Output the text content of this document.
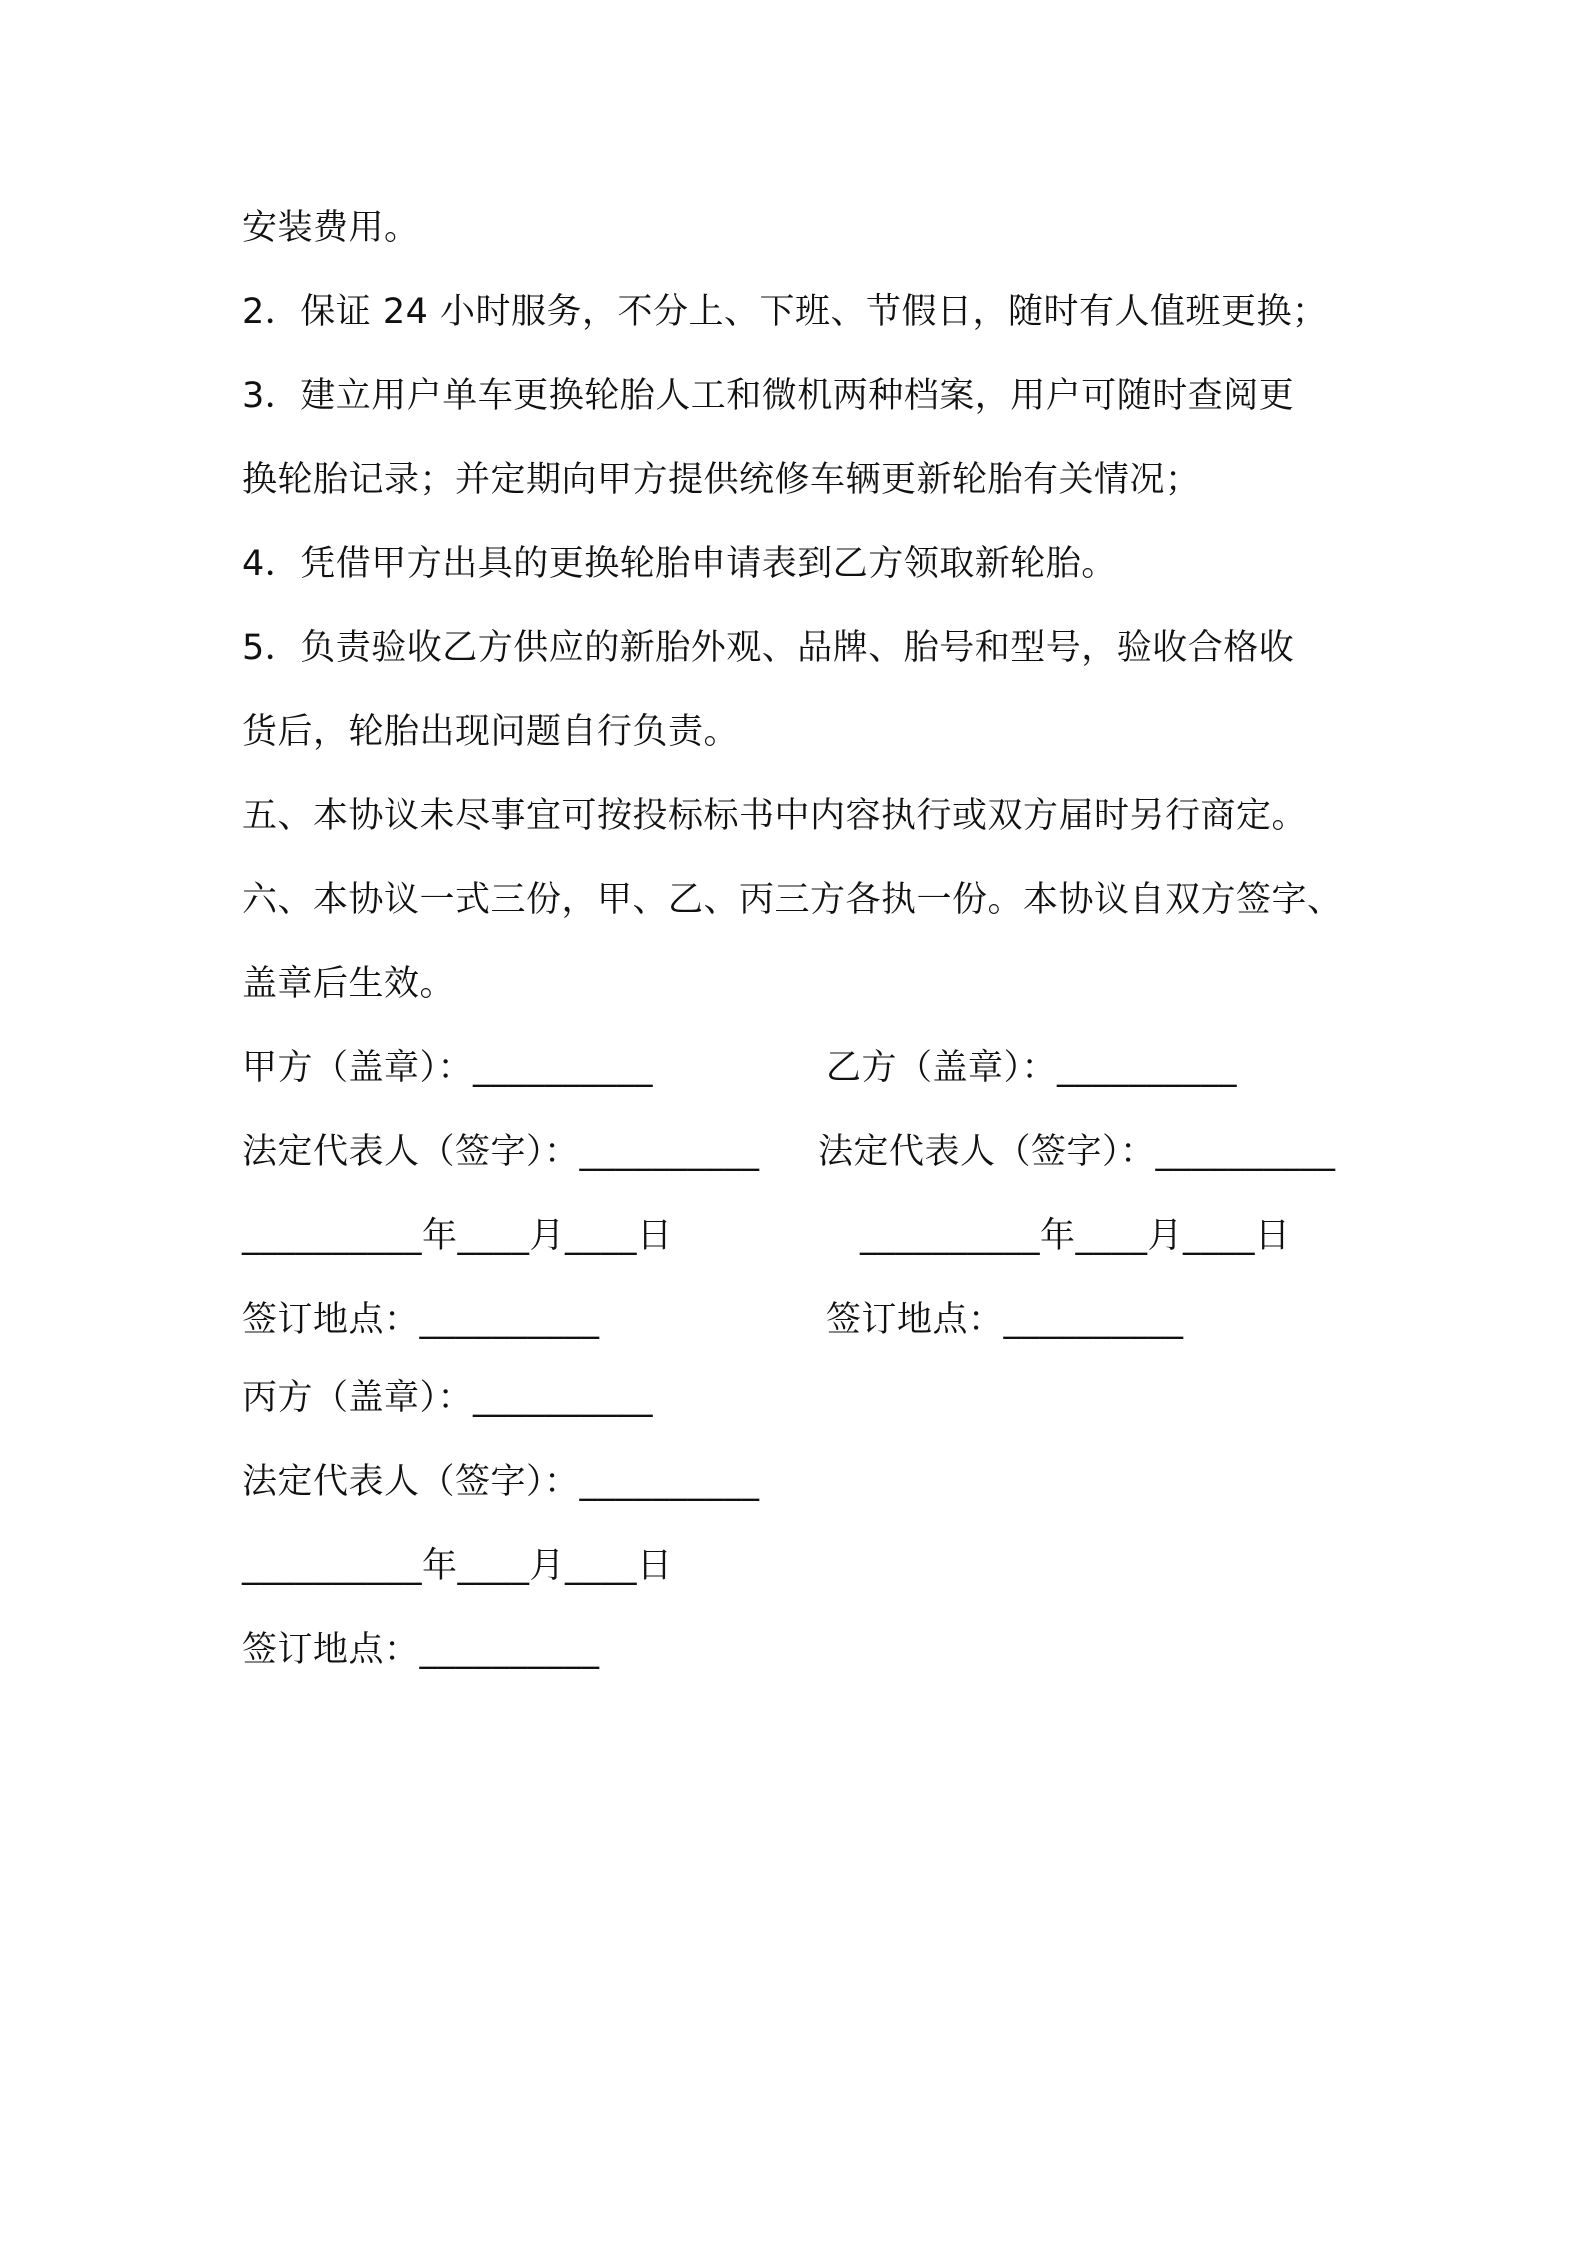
安装费用。
2．保证 24 小时服务，不分上、下班、节假日，随时有人值班更换；
3．建立用户单车更换轮胎人工和微机两种档案，用户可随时查阅更
换轮胎记录；并定期向甲方提供统修车辆更新轮胎有关情况；
4．凭借甲方出具的更换轮胎申请表到乙方领取新轮胎。
5．负责验收乙方供应的新胎外观、品牌、胎号和型号，验收合格收
货后，轮胎出现问题自行负责。
五、本协议未尽事宜可按投标标书中内容执行或双方届时另行商定。
六、本协议一式三份，甲、乙、丙三方各执一份。本协议自双方签字、
盖章后生效。
甲方（盖章）：__________	乙方（盖章）：__________
法定代表人（签字）：__________ 法定代表人（签字）：__________
__________年____月____日	__________年____月____日
签订地点：__________	签订地点：__________
丙方（盖章）：__________
法定代表人（签字）：__________
__________年____月____日
签订地点：__________
